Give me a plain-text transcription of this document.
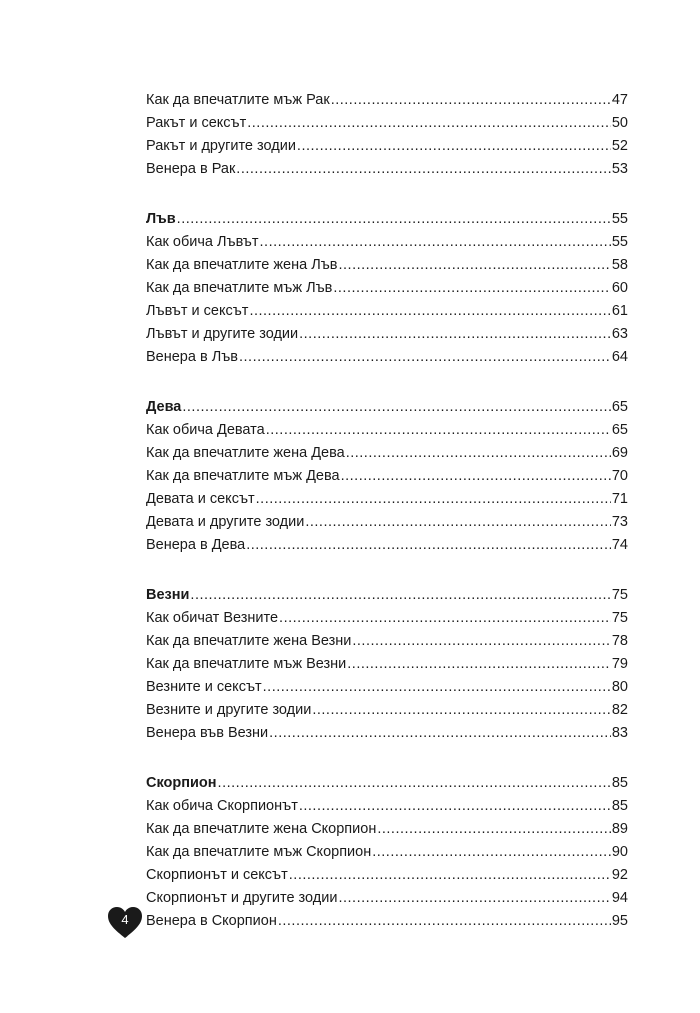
Как да впечатлите мъж Рак .....	47
Ракът и сексът .....	50
Ракът и другите зодии .....	52
Венера в Рак .....	53
Лъв .....	55
Как обича Лъвът .....	55
Как да впечатлите жена Лъв .....	58
Как да впечатлите мъж Лъв .....	60
Лъвът и сексът .....	61
Лъвът и другите зодии .....	63
Венера в Лъв .....	64
Дева .....	65
Как обича Девата .....	65
Как да впечатлите жена Дева .....	69
Как да впечатлите мъж Дева .....	70
Девата и сексът .....	71
Девата и другите зодии .....	73
Венера в Дева .....	74
Везни .....	75
Как обичат Везните .....	75
Как да впечатлите жена Везни .....	78
Как да впечатлите мъж Везни .....	79
Везните и сексът .....	80
Везните и другите зодии .....	82
Венера във Везни .....	83
Скорпион .....	85
Как обича Скорпионът .....	85
Как да впечатлите жена Скорпион .....	89
Как да впечатлите мъж Скорпион .....	90
Скорпионът и сексът .....	92
Скорпионът и другите зодии .....	94
Венера в Скорпион .....	95
4
